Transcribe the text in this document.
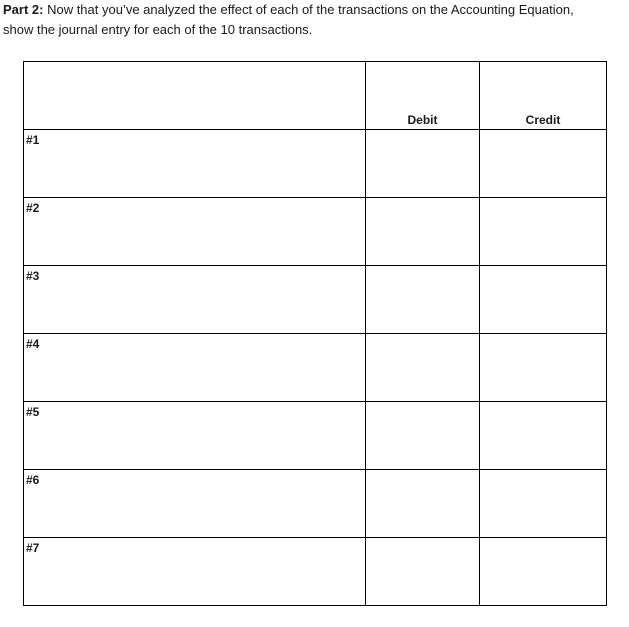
Part 2: Now that you’ve analyzed the effect of each of the transactions on the Accounting Equation,
show the journal entry for each of the 10 transactions.

	Debit	Credit
#1		
#2		
#3		
#4		
#5		
#6		
#7		
